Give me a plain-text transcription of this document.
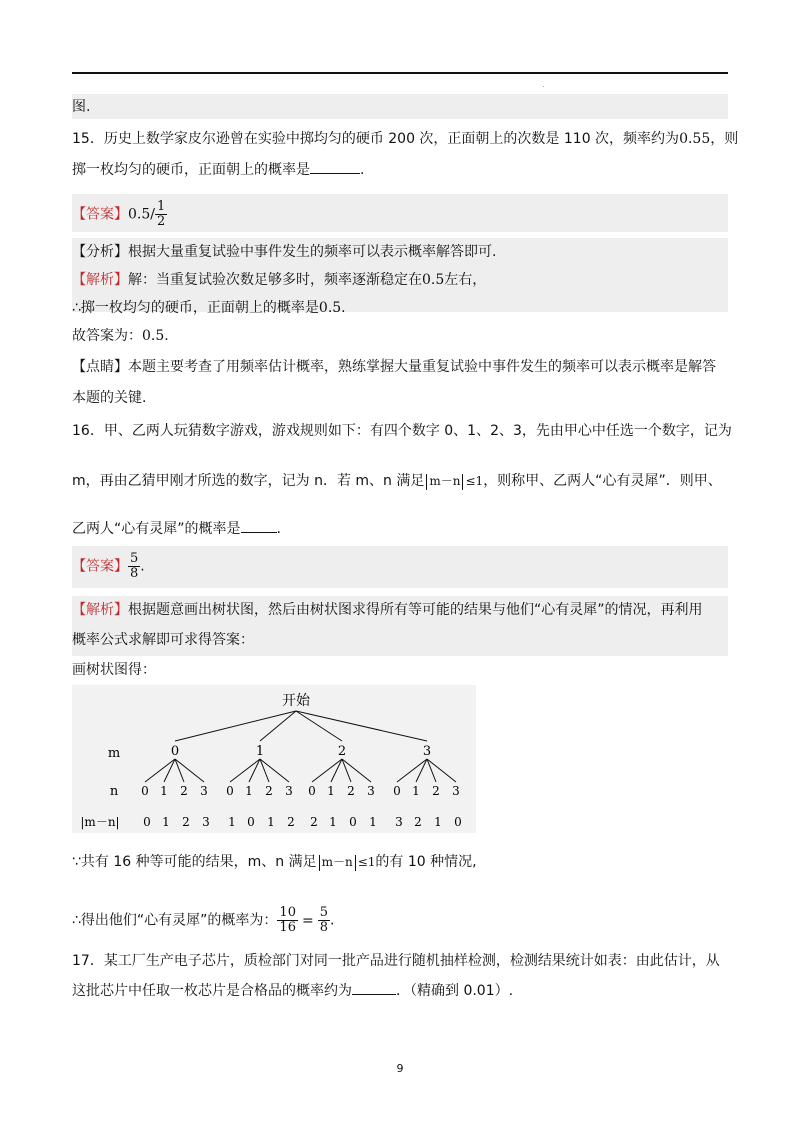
.
图.
15．历史上数学家皮尔逊曾在实验中掷均匀的硬币 200 次，正面朝上的次数是 110 次，频率约为0.55，则
掷一枚均匀的硬币，正面朝上的概率是	.
【答案】$0.5/ \frac{1}{2}$
【分析】根据大量重复试验中事件发生的频率可以表示概率解答即可.
【解析】解：当重复试验次数足够多时，频率逐渐稳定在0.5左右，
∴掷一枚均匀的硬币，正面朝上的概率是0.5.
故答案为：0.5.
【点睛】本题主要考查了用频率估计概率，熟练掌握大量重复试验中事件发生的频率可以表示概率是解答
本题的关键.
16．甲、乙两人玩猜数字游戏，游戏规则如下：有四个数字 0、1、2、3，先由甲心中任选一个数字，记为
m，再由乙猜甲刚才所选的数字，记为 n．若 m、n 满足 m－n ≤1，则称甲、乙两人“心有灵犀”．则甲、
乙两人“心有灵犀”的概率是	.
【答案】 $\frac{5}{8}$ .
【解析】根据题意画出树状图，然后由树状图求得所有等可能的结果与他们“心有灵犀”的情况，再利用
概率公式求解即可求得答案：
画树状图得：
开始
m
n
|m－n|
0	1	2	3
0 1 2 3 0 1 2 3 0 1 2 3 0 1 2 3
0 1 2 3 1 0 1 2 2 1 0 1 3 2 1 0
∵共有 16 种等可能的结果，m、n 满足 m－n ≤1的有 10 种情况,
∴得出他们“心有灵犀”的概率为： $\frac{10}{16} = \frac{5}{8}$ .
17．某工厂生产电子芯片，质检部门对同一批产品进行随机抽样检测，检测结果统计如表：由此估计，从
这批芯片中任取一枚芯片是合格品的概率约为	．（精确到 0.01）.
9
